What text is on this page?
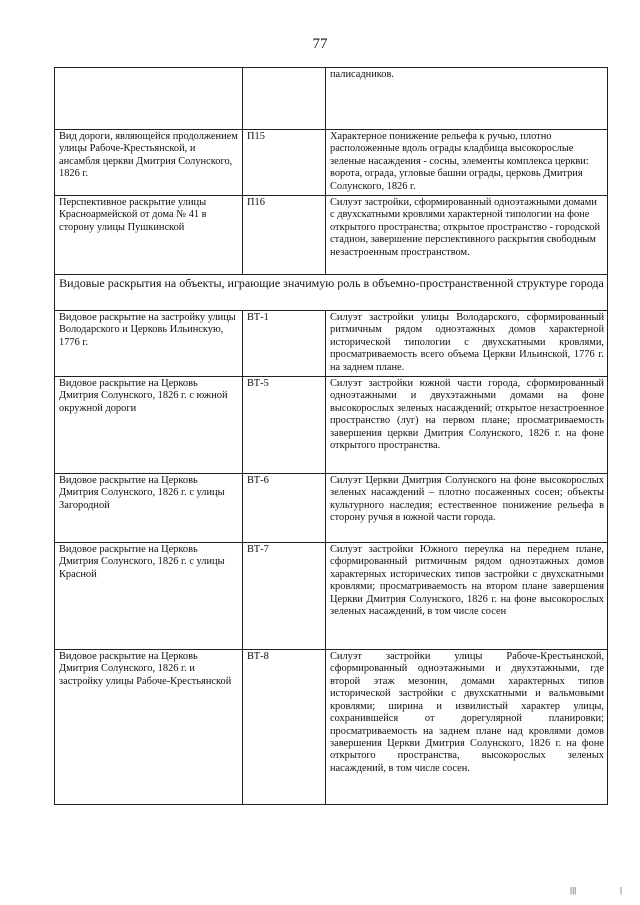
77
		палисадников.
Вид дороги, являющейся продолжением улицы Рабоче-Крестьянской, и ансамбля церкви Дмитрия Солунского, 1826 г.	П15	Характерное понижение рельефа к ручью, плотно расположенные вдоль ограды кладбища высокорослые зеленые насаждения - сосны, элементы комплекса церкви: ворота, ограда, угловые башни ограды, церковь Дмитрия Солунского, 1826 г.
Перспективное раскрытие улицы Красноармейской от дома № 41 в сторону улицы Пушкинской	П16	Силуэт застройки, сформированный одноэтажными домами с двухскатными кровлями характерной типологии на фоне открытого пространства; открытое пространство - городской стадион, завершение перспективного раскрытия свободным незастроенным пространством.
Видовые раскрытия на объекты, играющие значимую роль в объемно-пространственной структуре города		
Видовое раскрытие на застройку улицы Володарского и Церковь Ильинскую, 1776 г.	ВТ-1	Силуэт застройки улицы Володарского, сформированный ритмичным рядом одноэтажных домов характерной исторической типологии с двухскатными кровлями, просматриваемость всего объема Церкви Ильинской, 1776 г. на заднем плане.
Видовое раскрытие на Церковь Дмитрия Солунского, 1826 г. с южной окружной дороги	ВТ-5	Силуэт застройки южной части города, сформированный одноэтажными и двухэтажными домами на фоне высокорослых зеленых насаждений; открытое незастроенное пространство (луг) на первом плане; просматриваемость завершения церкви Дмитрия Солунского, 1826 г. на фоне открытого пространства.
Видовое раскрытие на Церковь Дмитрия Солунского, 1826 г. с улицы Загородной	ВТ-6	Силуэт Церкви Дмитрия Солунского на фоне высокорослых зеленых насаждений – плотно посаженных сосен; объекты культурного наследия; естественное понижение рельефа в сторону ручья в южной части города.
Видовое раскрытие на Церковь Дмитрия Солунского, 1826 г. с улицы Красной	ВТ-7	Силуэт застройки Южного переулка на переднем плане, сформированный ритмичным рядом одноэтажных домов характерных исторических типов застройки с двухскатными кровлями; просматриваемость на втором плане завершения Церкви Дмитрия Солунского, 1826 г. на фоне высокорослых зеленых насаждений, в том числе сосен
Видовое раскрытие на Церковь Дмитрия Солунского, 1826 г. и застройку улицы Рабоче-Крестьянской	ВТ-8	Силуэт застройки улицы Рабоче-Крестьянской, сформированный одноэтажными и двухэтажными, где второй этаж мезонин, домами характерных типов исторической застройки с двухскатными и вальмовыми кровлями; ширина и извилистый характер улицы, сохранившейся от дорегулярной планировки; просматриваемость на заднем плане над кровлями домов завершения Церкви Дмитрия Солунского, 1826 г. на фоне открытого пространства, высокорослых зеленых насаждений, в том числе сосен.
|||	|
